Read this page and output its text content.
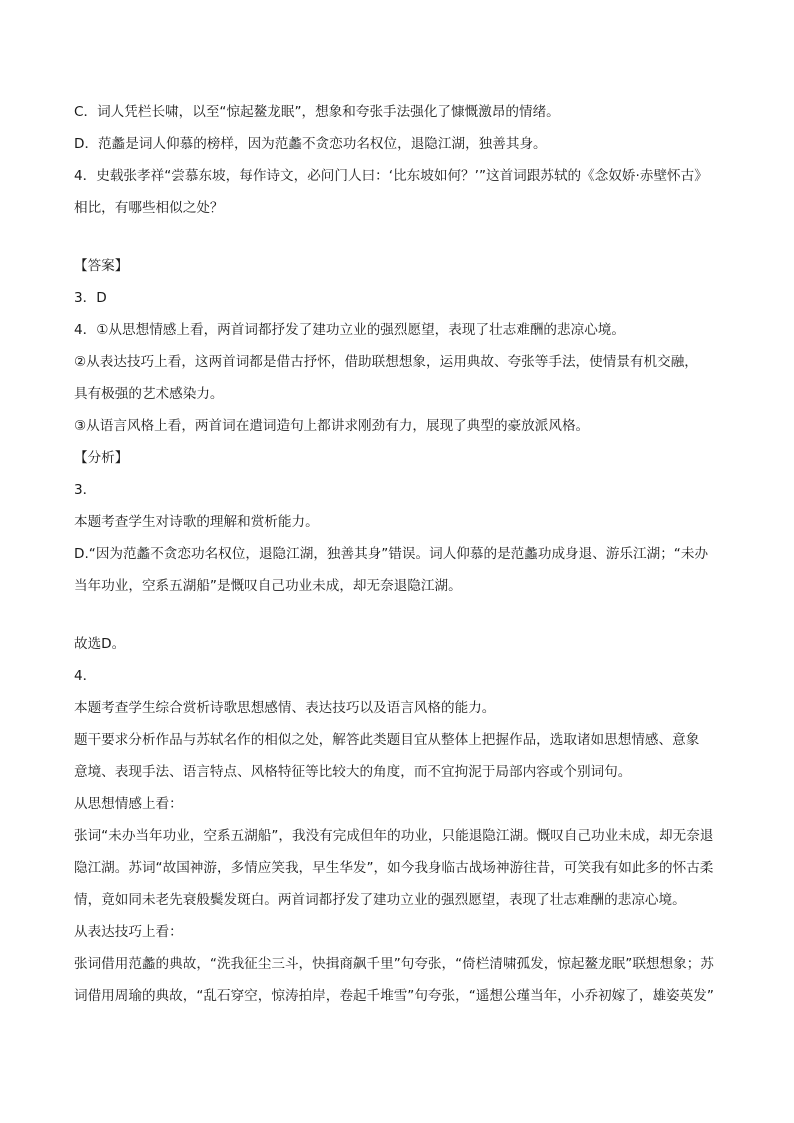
C．词人凭栏长啸，以至“惊起鳌龙眠”，想象和夸张手法强化了慷慨激昂的情绪。
D．范蠡是词人仰慕的榜样，因为范蠡不贪恋功名权位，退隐江湖，独善其身。
4．史载张孝祥“尝慕东坡，每作诗文，必问门人曰：‘比东坡如何？’”这首词跟苏轼的《念奴娇·赤壁怀古》
相比，有哪些相似之处？
【答案】
3．D
4．①从思想情感上看，两首词都抒发了建功立业的强烈愿望，表现了壮志难酬的悲凉心境。
②从表达技巧上看，这两首词都是借古抒怀，借助联想想象，运用典故、夸张等手法，使情景有机交融，
具有极强的艺术感染力。
③从语言风格上看，两首词在遣词造句上都讲求刚劲有力，展现了典型的豪放派风格。
【分析】
3．
本题考查学生对诗歌的理解和赏析能力。
D.“因为范蠡不贪恋功名权位，退隐江湖，独善其身”错误。词人仰慕的是范蠡功成身退、游乐江湖；“未办
当年功业，空系五湖船”是慨叹自己功业未成，却无奈退隐江湖。
故选D。
4．
本题考查学生综合赏析诗歌思想感情、表达技巧以及语言风格的能力。
题干要求分析作品与苏轼名作的相似之处，解答此类题目宜从整体上把握作品，选取诸如思想情感、意象
意境、表现手法、语言特点、风格特征等比较大的角度，而不宜拘泥于局部内容或个别词句。
从思想情感上看：
张词“未办当年功业，空系五湖船”，我没有完成但年的功业，只能退隐江湖。慨叹自己功业未成，却无奈退
隐江湖。苏词“故国神游，多情应笑我，早生华发”，如今我身临古战场神游往昔，可笑我有如此多的怀古柔
情，竟如同未老先衰般鬓发斑白。两首词都抒发了建功立业的强烈愿望，表现了壮志难酬的悲凉心境。
从表达技巧上看：
张词借用范蠡的典故，“洗我征尘三斗，快揖商飙千里”句夸张，“倚栏清啸孤发，惊起鳌龙眠”联想想象；苏
词借用周瑜的典故，“乱石穿空，惊涛拍岸，卷起千堆雪”句夸张，“遥想公瑾当年，小乔初嫁了，雄姿英发”
